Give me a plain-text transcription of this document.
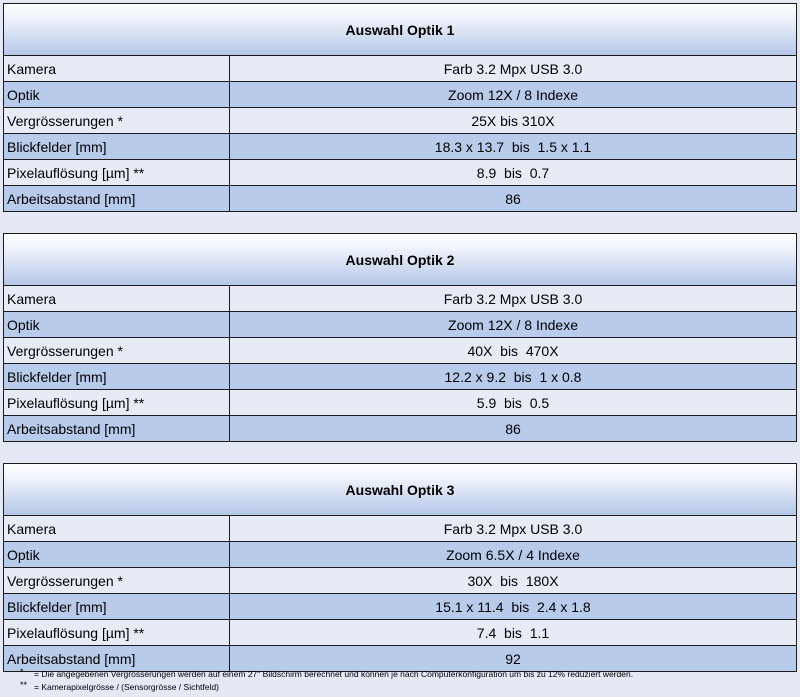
Auswahl Optik 1
Kamera	Farb 3.2 Mpx USB 3.0
Optik	Zoom 12X / 8 Indexe
Vergrösserungen *	25X bis 310X
Blickfelder [mm]	18.3 x 13.7  bis  1.5 x 1.1
Pixelauflösung [µm] **	8.9  bis  0.7
Arbeitsabstand [mm]	86
Auswahl Optik 2
Kamera	Farb 3.2 Mpx USB 3.0
Optik	Zoom 12X / 8 Indexe
Vergrösserungen *	40X  bis  470X
Blickfelder [mm]	12.2 x 9.2  bis  1 x 0.8
Pixelauflösung [µm] **	5.9  bis  0.5
Arbeitsabstand [mm]	86
Auswahl Optik 3
Kamera	Farb 3.2 Mpx USB 3.0
Optik	Zoom 6.5X / 4 Indexe
Vergrösserungen *	30X  bis  180X
Blickfelder [mm]	15.1 x 11.4  bis  2.4 x 1.8
Pixelauflösung [µm] **	7.4  bis  1.1
Arbeitsabstand [mm]	92
* = Die angegebenen Vergrösserungen werden auf einem 27" Bildschirm berechnet und können je nach Computerkonfiguration um bis zu 12% reduziert werden.
** = Kamerapixelgrösse / (Sensorgrösse / Sichtfeld)
